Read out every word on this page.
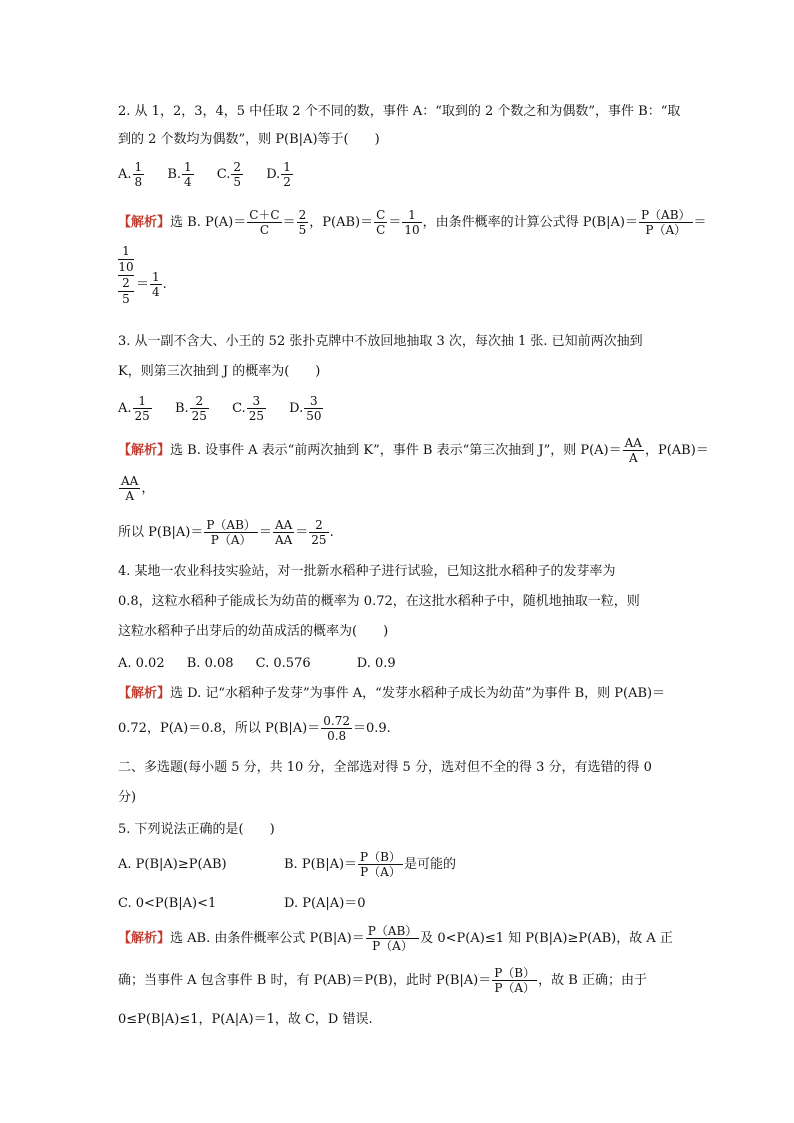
2. 从 1，2，3，4，5 中任取 2 个不同的数，事件 A：“取到的 2 个数之和为偶数”，事件 B：“取
到的 2 个数均为偶数”，则 P(B|A)等于(　　)
A. $\frac{1}{8} B$. $\frac{1}{4} C$. $\frac{2}{5} D$. $\frac{1}{2}$
【解析】选 B. $P(A)= \frac{C+C}{C} = \frac{2}{5}$ ，$P(AB)= \frac{C}{C} = \frac{1}{10}$ ，由条件概率的计算公式得 $P(B|A)= \frac{P(AB)}{P(A)}$ ＝
1
10
2
5
＝ $\frac{1}{4}$ .
3. 从一副不含大、小王的 52 张扑克牌中不放回地抽取 3 次，每次抽 1 张. 已知前两次抽到
K，则第三次抽到 J 的概率为(　　)
A. $\frac{1}{25} B$. $\frac{2}{25} C$. $\frac{3}{25} D$. $\frac{3}{50}$
【解析】选 B. 设事件 A 表示“前两次抽到 K”，事件 B 表示“第三次抽到 J”，则 $P(A)= \frac{AA}{A}$ ，P(AB)＝
$\frac{AA}{A}$ ，
所以 $P(B|A)= \frac{P(AB)}{P(A)} = \frac{AA}{AA} = \frac{2}{25}$ .
4. 某地一农业科技实验站，对一批新水稻种子进行试验，已知这批水稻种子的发芽率为
0.8，这粒水稻种子能成长为幼苗的概率为 0.72，在这批水稻种子中，随机地抽取一粒，则
这粒水稻种子出芽后的幼苗成活的概率为(　　)
A. 0.02 B. 0.08 C. 0.576	D. 0.9
【解析】选 D. 记“水稻种子发芽”为事件 A，“发芽水稻种子成长为幼苗”为事件 B，则 P(AB)＝
0.72，P(A)＝0.8，所以 $P(B|A)= \frac{0.72}{0.8} =0.9$.
二、多选题(每小题 5 分，共 10 分，全部选对得 5 分，选对但不全的得 3 分，有选错的得 0
分)
5. 下列说法正确的是(　　)
A. P(B|A)≥P(AB)	B. $P(B|A)= \frac{P(B)}{P(A)}$ 是可能的
C. 0<P(B|A)<1	D. P(A|A)＝0
【解析】选 AB. 由条件概率公式 $P(B|A)= \frac{P(AB)}{P(A)}$ 及 0<P(A)≤1 知 P(B|A)≥P(AB)，故 A 正
确；当事件 A 包含事件 B 时，有 P(AB)＝P(B)，此时 $P(B|A)= \frac{P(B)}{P(A)}$ ，故 B 正确；由于
0≤P(B|A)≤1，P(A|A)＝1，故 C，D 错误.
